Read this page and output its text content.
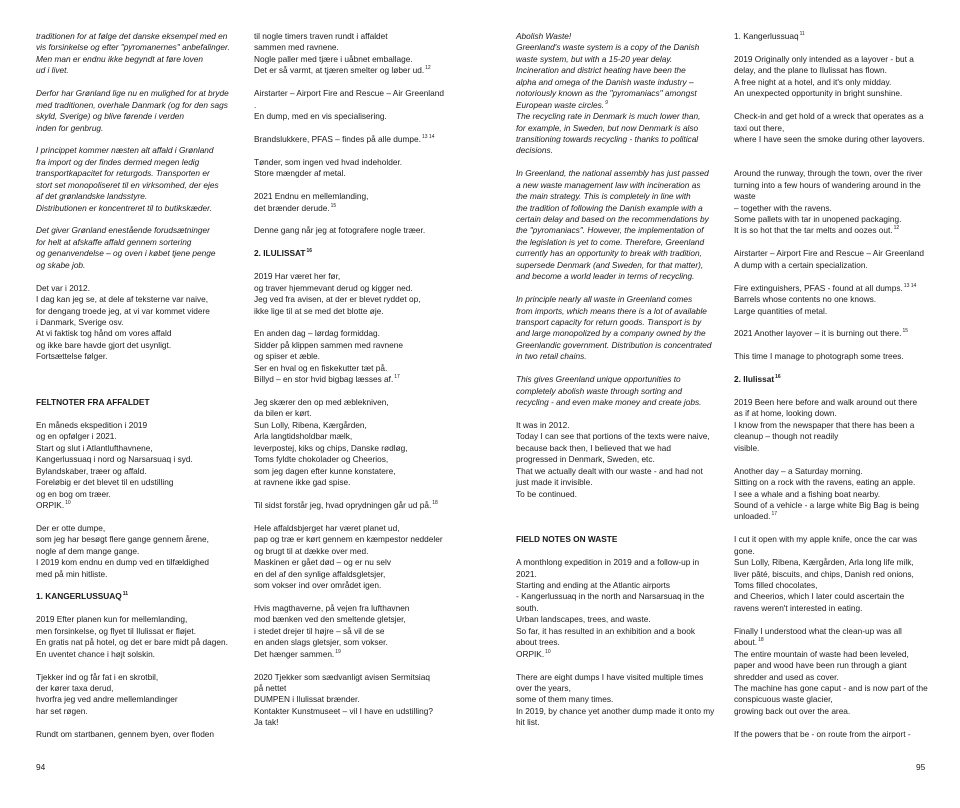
traditionen for at følge det danske eksempel med en
vis forsinkelse og efter "pyromanernes" anbefalinger.
Men man er endnu ikke begyndt at føre loven
ud i livet.
Derfor har Grønland lige nu en mulighed for at bryde
med traditionen, overhale Danmark (og for den sags
skyld, Sverige) og blive førende i verden
inden for genbrug.
I princippet kommer næsten alt affald i Grønland
fra import og der findes dermed megen ledig
transportkapacitet for returgods. Transporten er
stort set monopoliseret til en virksomhed, der ejes
af det grønlandske landsstyre.
Distributionen er koncentreret til to butikskæder.
Det giver Grønland enestående forudsætninger
for helt at afskaffe affald gennem sortering
og genanvendelse – og oven i købet tjene penge
og skabe job.
Det var i 2012.
I dag kan jeg se, at dele af teksterne var naive,
for dengang troede jeg, at vi var kommet videre
i Danmark, Sverige osv.
At vi faktisk tog hånd om vores affald
og ikke bare havde gjort det usynligt.
Fortsættelse følger.
FELTNOTER FRA AFFALDET
En måneds ekspedition i 2019
og en opfølger i 2021.
Start og slut i Atlantlufthavnene,
Kangerlussuaq i nord og Narsarsuaq i syd.
Bylandskaber, træer og affald.
Foreløbig er det blevet til en udstilling
og en bog om træer.
ORPIK.$^{10}$
Der er otte dumpe,
som jeg har besøgt flere gange gennem årene,
nogle af dem mange gange.
I 2019 kom endnu en dump ved en tilfældighed
med på min hitliste.
1. KANGERLUSSUAQ$^{11}$
2019 Efter planen kun for mellemlanding,
men forsinkelse, og flyet til Ilulissat er fløjet.
En gratis nat på hotel, og det er bare midt på dagen.
En uventet chance i højt solskin.
Tjekker ind og får fat i en skrotbil,
der kører taxa derud,
hvorfra jeg ved andre mellemlandinger
har set røgen.
Rundt om startbanen, gennem byen, over floden
til nogle timers traven rundt i affaldet
sammen med ravnene.
Nogle paller med tjære i uåbnet emballage.
Det er så varmt, at tjæren smelter og løber ud.$^{12}$
Airstarter – Airport Fire and Rescue – Air Greenland
.
En dump, med en vis specialisering.
Brandslukkere, PFAS – findes på alle dumpe.$^{13 14}$
Tønder, som ingen ved hvad indeholder.
Store mængder af metal.
2021 Endnu en mellemlanding,
det brænder derude.$^{15}$
Denne gang når jeg at fotografere nogle træer.
2. ILULISSAT$^{16}$
2019 Har været her før,
og traver hjemmevant derud og kigger ned.
Jeg ved fra avisen, at der er blevet ryddet op,
ikke lige til at se med det blotte øje.
En anden dag – lørdag formiddag.
Sidder på klippen sammen med ravnene
og spiser et æble.
Ser en hval og en fiskekutter tæt på.
Billyd – en stor hvid bigbag læsses af.$^{17}$
Jeg skærer den op med æblekniven,
da bilen er kørt.
Sun Lolly, Ribena, Kærgården,
Arla langtidsholdbar mælk,
leverpostej, kiks og chips, Danske rødløg,
Toms fyldte chokolader og Cheerios,
som jeg dagen efter kunne konstatere,
at ravnene ikke gad spise.
Til sidst forstår jeg, hvad oprydningen går ud på.$^{18}$
Hele affaldsbjerget har været planet ud,
pap og træ er kørt gennem en kæmpestor neddeler
og brugt til at dække over med.
Maskinen er gået død – og er nu selv
en del af den synlige affaldsgletsjer,
som vokser ind over området igen.
Hvis magthaverne, på vejen fra lufthavnen
mod bænken ved den smeltende gletsjer,
i stedet drejer til højre – så vil de se
en anden slags gletsjer, som vokser.
Det hænger sammen.$^{19}$
2020 Tjekker som sædvanligt avisen Sermitsiaq
på nettet
DUMPEN i Ilulissat brænder.
Kontakter Kunstmuseet – vil I have en udstilling?
Ja tak!
Abolish Waste!
Greenland's waste system is a copy of the Danish
waste system, but with a 15-20 year delay.
Incineration and district heating have been the
alpha and omega of the Danish waste industry –
notoriously known as the "pyromaniacs" amongst
European waste circles.$^9$
The recycling rate in Denmark is much lower than,
for example, in Sweden, but now Denmark is also
transitioning towards recycling - thanks to political
decisions.
In Greenland, the national assembly has just passed
a new waste management law with incineration as
the main strategy. This is completely in line with
the tradition of following the Danish example with a
certain delay and based on the recommendations by
the "pyromaniacs". However, the implementation of
the legislation is yet to come. Therefore, Greenland
currently has an opportunity to break with tradition,
supersede Denmark (and Sweden, for that matter),
and become a world leader in terms of recycling.
In principle nearly all waste in Greenland comes
from imports, which means there is a lot of available
transport capacity for return goods. Transport is by
and large monopolized by a company owned by the
Greenlandic government. Distribution is concentrated
in two retail chains.
This gives Greenland unique opportunities to
completely abolish waste through sorting and
recycling - and even make money and create jobs.
It was in 2012.
Today I can see that portions of the texts were naive,
because back then, I believed that we had
progressed in Denmark, Sweden, etc.
That we actually dealt with our waste - and had not
just made it invisible.
To be continued.
FIELD NOTES ON WASTE
A monthlong expedition in 2019 and a follow-up in
2021.
Starting and ending at the Atlantic airports
- Kangerlussuaq in the north and Narsarsuaq in the
south.
Urban landscapes, trees, and waste.
So far, it has resulted in an exhibition and a book
about trees.
ORPIK.$^{10}$
There are eight dumps I have visited multiple times
over the years,
some of them many times.
In 2019, by chance yet another dump made it onto my
hit list.
1. Kangerlussuaq$^{11}$
2019 Originally only intended as a layover - but a
delay, and the plane to Ilulissat has flown.
A free night at a hotel, and it's only midday.
An unexpected opportunity in bright sunshine.
Check-in and get hold of a wreck that operates as a
taxi out there,
where I have seen the smoke during other layovers.
Around the runway, through the town, over the river
turning into a few hours of wandering around in the
waste
– together with the ravens.
Some pallets with tar in unopened packaging.
It is so hot that the tar melts and oozes out.$^{12}$
Airstarter – Airport Fire and Rescue – Air Greenland
A dump with a certain specialization.
Fire extinguishers, PFAS - found at all dumps.$^{13 14}$
Barrels whose contents no one knows.
Large quantities of metal.
2021 Another layover – it is burning out there.$^{15}$
This time I manage to photograph some trees.
2. Ilulissat$^{16}$
2019 Been here before and walk around out there
as if at home, looking down.
I know from the newspaper that there has been a
cleanup – though not readily
visible.
Another day – a Saturday morning.
Sitting on a rock with the ravens, eating an apple.
I see a whale and a fishing boat nearby.
Sound of a vehicle - a large white Big Bag is being
unloaded.$^{17}$
I cut it open with my apple knife, once the car was
gone.
Sun Lolly, Ribena, Kærgården, Arla long life milk,
liver pâté, biscuits, and chips, Danish red onions,
Toms filled chocolates,
and Cheerios, which I later could ascertain the
ravens weren't interested in eating.
Finally I understood what the clean-up was all
about.$^{18}$
The entire mountain of waste had been leveled,
paper and wood have been run through a giant
shredder and used as cover.
The machine has gone caput - and is now part of the
conspicuous waste glacier,
growing back out over the area.
If the powers that be - on route from the airport -
94	95
